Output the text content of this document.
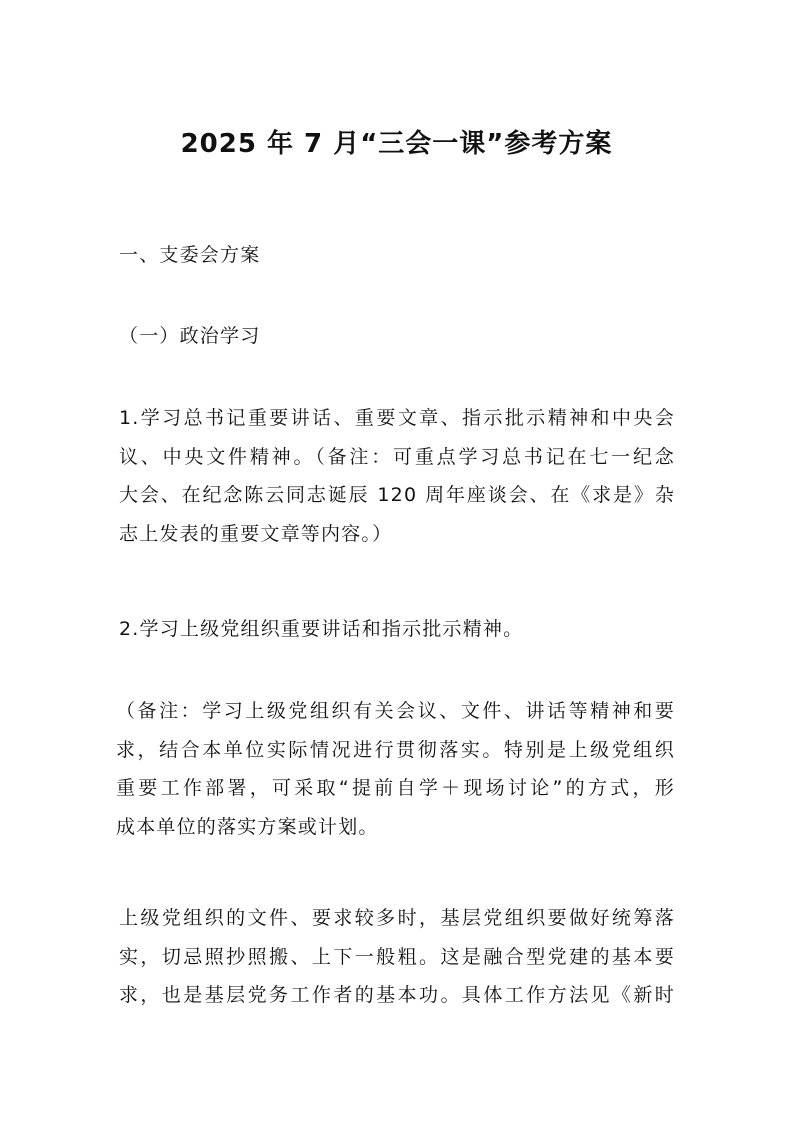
2025 年 7 月“三会一课”参考方案
一、支委会方案
（一）政治学习
1.学习总书记重要讲话、重要文章、指示批示精神和中央会
议、中央文件精神。（备注：可重点学习总书记在七一纪念
大会、在纪念陈云同志诞辰 120 周年座谈会、在《求是》杂
志上发表的重要文章等内容。）
2.学习上级党组织重要讲话和指示批示精神。
（备注：学习上级党组织有关会议、文件、讲话等精神和要
求，结合本单位实际情况进行贯彻落实。特别是上级党组织
重要工作部署，可采取“提前自学＋现场讨论”的方式，形
成本单位的落实方案或计划。
上级党组织的文件、要求较多时，基层党组织要做好统筹落
实，切忌照抄照搬、上下一般粗。这是融合型党建的基本要
求，也是基层党务工作者的基本功。具体工作方法见《新时
